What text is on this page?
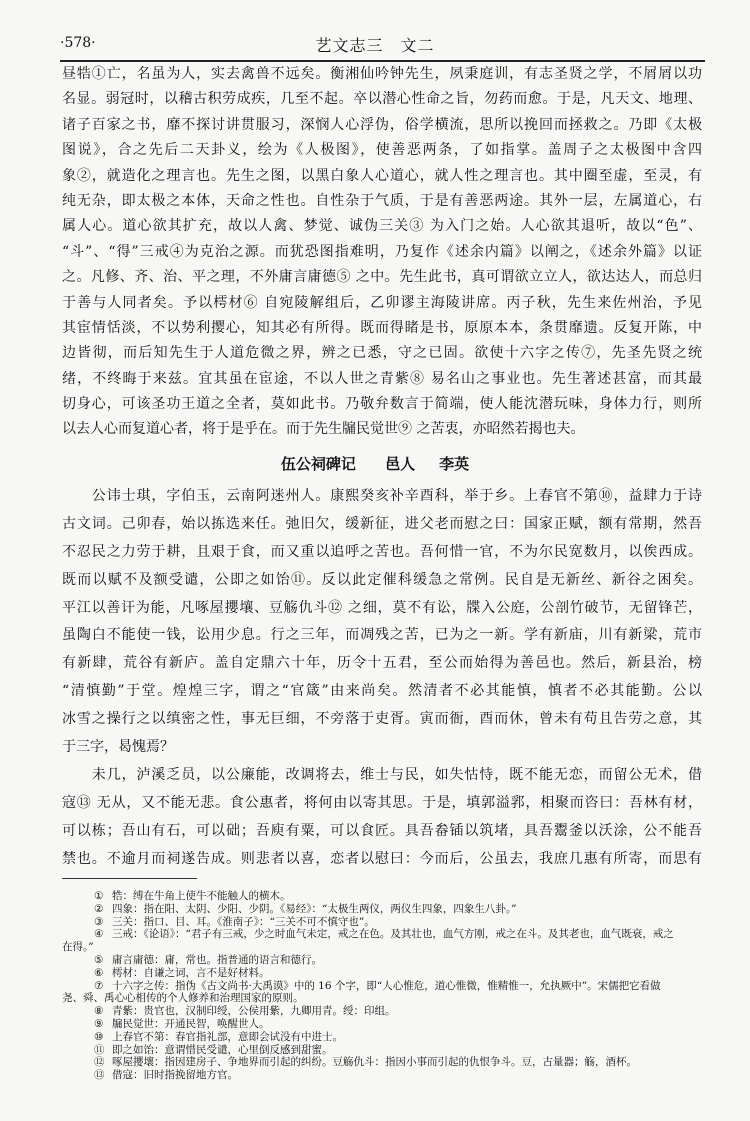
·578·	艺文志三　文二
昼牿①亡，名虽为人，实去禽兽不远矣。衡湘仙吟钟先生，夙秉庭训，有志圣贤之学，不屑屑以功
名显。弱冠时，以稽古积劳成疾，几至不起。卒以潜心性命之旨，勿药而愈。于是，凡天文、地理、
诸子百家之书，靡不探讨讲贯服习，深悯人心浮伪，俗学横流，思所以挽回而拯救之。乃即《太极
图说》，合之先后二天卦义，绘为《人极图》，使善恶两条，了如指掌。盖周子之太极图中含四
象②，就造化之理言也。先生之图，以黑白象人心道心，就人性之理言也。其中圈至虚，至灵，有
纯无杂，即太极之本体，天命之性也。自性杂于气质，于是有善恶两途。其外一层，左属道心，右
属人心。道心欲其扩充，故以人禽、梦觉、诚伪三关③ 为入门之始。人心欲其退听，故以“色”、
“斗”、“得”三戒④为克治之源。而犹恐图指难明，乃复作《述余内篇》以阐之，《述余外篇》以证
之。凡修、齐、治、平之理，不外庸言庸德⑤ 之中。先生此书，真可谓欲立立人，欲达达人，而总归
于善与人同者矣。予以樗材⑥ 自宛陵解组后，乙卯谬主海陵讲席。丙子秋，先生来佐州治，予见
其宦情恬淡，不以势利撄心，知其必有所得。既而得睹是书，原原本本，条贯靡遗。反复开陈，中
边皆彻，而后知先生于人道危微之界，辨之已悉，守之已固。欲使十六字之传⑦，先圣先贤之统
绪，不终晦于来兹。宜其虽在宦途，不以人世之青紫⑧ 易名山之事业也。先生著述甚富，而其最
切身心，可该圣功王道之全者，莫如此书。乃敬弁数言于简端，使人能沈潜玩味，身体力行，则所
以去人心而复道心者，将于是乎在。而于先生牖民觉世⑨ 之苦衷，亦昭然若揭也夫。
伍公祠碑记 邑人 李英
　　公讳士琪，字伯玉，云南阿迷州人。康熙癸亥补辛酉科，举于乡。上春官不第⑩，益肆力于诗
古文词。己卯春，始以拣选来任。弛旧欠，缓新征，进父老而慰之曰：国家正赋，额有常期，然吾
不忍民之力劳于耕，且艰于食，而又重以追呼之苦也。吾何惜一官，不为尔民宽数月，以俟西成。
既而以赋不及额受谴，公即之如饴⑪。反以此定催科缓急之常例。民自是无新丝、新谷之困矣。
平江以善讦为能，凡啄屋攖壤、豆觞仇斗⑫ 之细，莫不有讼，牒入公庭，公剖竹破节，无留锋芒，
虽陶白不能使一钱，讼用少息。行之三年，而凋残之苦，已为之一新。学有新庙，川有新梁，荒市
有新肆，荒谷有新庐。盖自定鼎六十年，历令十五君，至公而始得为善邑也。然后，新县治，榜
“清慎勤”于堂。煌煌三字，谓之“官箴”由来尚矣。然清者不必其能慎，慎者不必其能勤。公以
冰雪之操行之以缜密之性，事无巨细，不旁落于吏胥。寅而衙，酉而休，曾未有苟且告劳之意，其
于三字，曷愧焉？
　　未几，泸溪乏员，以公廉能，改调将去，维士与民，如失怙恃，既不能无恋，而留公无术，借
寇⑬ 无从，又不能无悲。食公惠者，将何由以寄其思。于是，填郭溢郛，相聚而咨曰：吾林有材，
可以栋；吾山有石，可以础；吾庾有粟，可以食匠。具吾畚锸以筑堵，具吾鬻釜以沃涂，公不能吾
禁也。不逾月而祠遂告成。则悲者以喜，恋者以慰曰：今而后，公虽去，我庶几惠有所寄，而思有
① 牿：缚在牛角上使牛不能触人的横木。
② 四象：指在阳、太阴、少阳、少阴。《易经》：“太极生两仪，两仪生四象，四象生八卦。”
③ 三关：指口、目、耳。《淮南子》：“三关不可不慎守也”。
④ 三戒：《论语》：“君子有三戒，少之时血气未定，戒之在色。及其壮也，血气方刚，戒之在斗。及其老也，血气既衰，戒之
在得。”
⑤ 庸言庸德：庸，常也。指普通的语言和德行。
⑥ 樗材：自谦之词，言不是好材料。
⑦ 十六字之传：指伪《古文尚书·大禹谟》中的 16 个字，即“人心惟危，道心惟微，惟精惟一，允执厥中”。宋儒把它看做
尧、舜、禹心心相传的个人修养和治理国家的原则。
⑧ 青紫：贵官也，汉制印绶，公侯用紫，九卿用青。绶：印组。
⑨ 牖民觉世：开通民智，唤醒世人。
⑩ 上春官不第：春官指礼部，意即会试没有中进士。
⑪ 即之如饴：意谓惜民受谴，心里倒反感到甜蜜。
⑫ 啄屋攖壤：指因建房子、争地界而引起的纠纷。豆觞仇斗：指因小事而引起的仇恨争斗。豆，古量器；觞，酒杯。
⑬ 借寇：旧时指挽留地方官。
